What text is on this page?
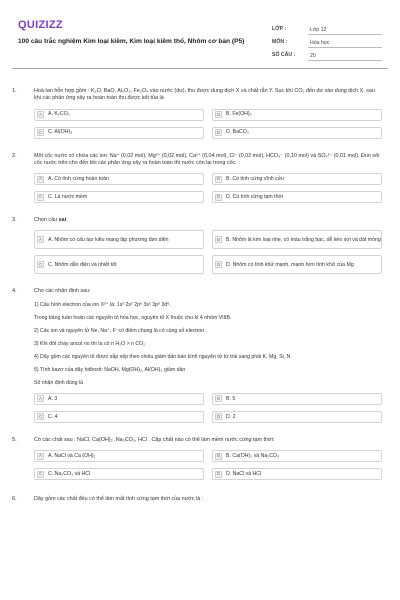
QUIZIZZ
100 câu trắc nghiệm Kim loại kiềm, Kim loại kiềm thổ, Nhôm cơ bản (P5)
LỚP :	Lớp 12
MÔN :	Hóa học
SỐ CÂU :	20
1.	Hoà tan hỗn hợp gồm : K₂O, BaO, Al₂O₃, Fe₃O₄ vào nước (dư), thu được dung dịch X và chất rắn Y. Sục khí CO₂ đến dư vào dung dịch X, sau khi các phản ứng xảy ra hoàn toàn thu được kết tủa là
A	A. K₂CO₃	B	B. Fe(OH)₃
C	C. Al(OH)₃	D	D. BaCO₃
2.	Một cốc nước có chứa các ion: Na⁺ (0,02 mol), Mg²⁺ (0,02 mol), Ca²⁺ (0,04 mol), Cl⁻ (0,02 mol), HCO₃⁻ (0,10 mol) và SO₄²⁻ (0,01 mol). Đun sôi cốc nước trên cho đến khi các phản ứng xảy ra hoàn toàn thì nước còn lại trong cốc:
A	A. Có tính cứng hoàn toàn	B	B. Có tính cứng vĩnh cửu
C	C. Là nước mềm	D	D. Có tính cứng tạm thời
3.	Chọn câu sai:
A	A. Nhôm có cấu tạo kiểu mạng lập phương tâm diện	B	B. Nhôm là kim loại nhẹ, có màu trắng bạc, dễ kéo sợi và dát mỏng
C	C. Nhôm dẫn điện và nhiệt tốt	D	D. Nhôm có tính khử mạnh, mạnh hơn tính khử của Mg
4.	Cho các nhận định sau:
1) Cấu hình electron của ion X²⁺ là: 1s² 2s² 2p⁶ 3s² 3p⁶ 3d⁶.
Trong bảng tuần hoàn các nguyên tố hóa học, nguyên tố X thuộc chu kì 4 nhóm VIIIB.
2) Các ion và nguyên tử Ne, Na⁺, F⁻có điểm chung là có cùng số electron .
3) Khi đốt cháy ancol no thì ta có n H₂O > n CO₂
4) Dãy gồm các nguyên tố được sắp xếp theo chiều giảm dần bán kính nguyên tử từ trái sang phải K, Mg, Si, N
5) Tính bazơ của dãy hiđroxit: NaOH, Mg(OH)₂, Al(OH)₃ giảm dần
Số nhận định đúng là
A	A. 3	B	B. 5
C	C. 4	D	D. 2
5.	Có các chất sau : NaCl, Ca(OH)₂ ,Na₂CO₃, HCl . Cặp chất nào có thể làm mềm nước cứng tạm thời:
A	A. NaCl và Ca (OH)₂	B	B. Ca(OH)₂ và Na₂CO₃
C	C. Na₂CO₃ và HCl	D	D. NaCl và HCl
6.	Dãy gồm các chất đều có thể làm mất tính cứng tạm thời của nước là :
